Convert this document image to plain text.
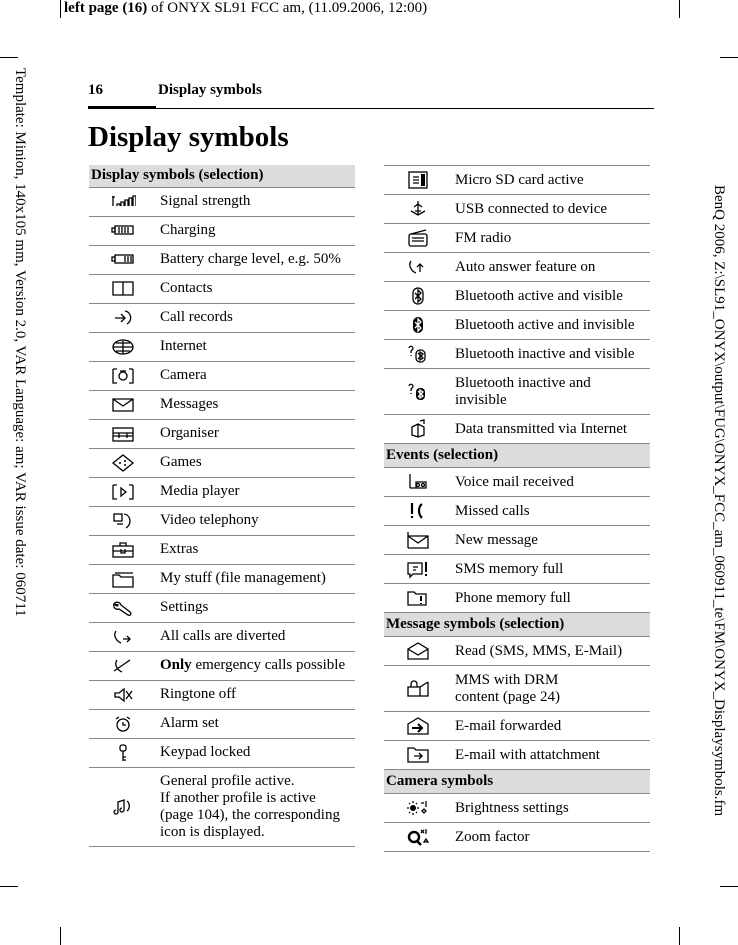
left page (16) of ONYX SL91 FCC am, (11.09.2006, 12:00)
Template: Minion, 140x105 mm, Version 2.0, VAR Language: am; VAR issue date: 060711	BenQ 2006, Z:\SL91_ONYX\output\FUG\ONYX_FCC_am_060911_te\FM\ONYX_Displaysymbols.fm
16	Display symbols
Display symbols
Display symbols (selection)	

	Signal strength

	Charging

	Battery charge level, e.g. 50%

	Contacts

	Call records

	Internet

	Camera

	Messages

	Organiser

	Games

	Media player

	Video telephony

	Extras

	My stuff (file management)

	Settings

	All calls are diverted

	Only emergency calls possible

	Ringtone off

	Alarm set

	Keypad locked

	General profile active.
If another profile is active
(page 104), the corresponding
icon is displayed.
	Micro SD card active

	USB connected to device

	FM radio

	Auto answer feature on

	Bluetooth active and visible

	Bluetooth active and invisible

	Bluetooth inactive and visible

	Bluetooth inactive and
invisible

	Data transmitted via Internet
Events (selection)	

	Voice mail received

	Missed calls

	New message

	SMS memory full

	Phone memory full
Message symbols (selection)	

	Read (SMS, MMS, E-Mail)

	MMS with DRM
content (page 24)

	E-mail forwarded

	E-mail with attatchment
Camera symbols	

	Brightness settings

	Zoom factor
